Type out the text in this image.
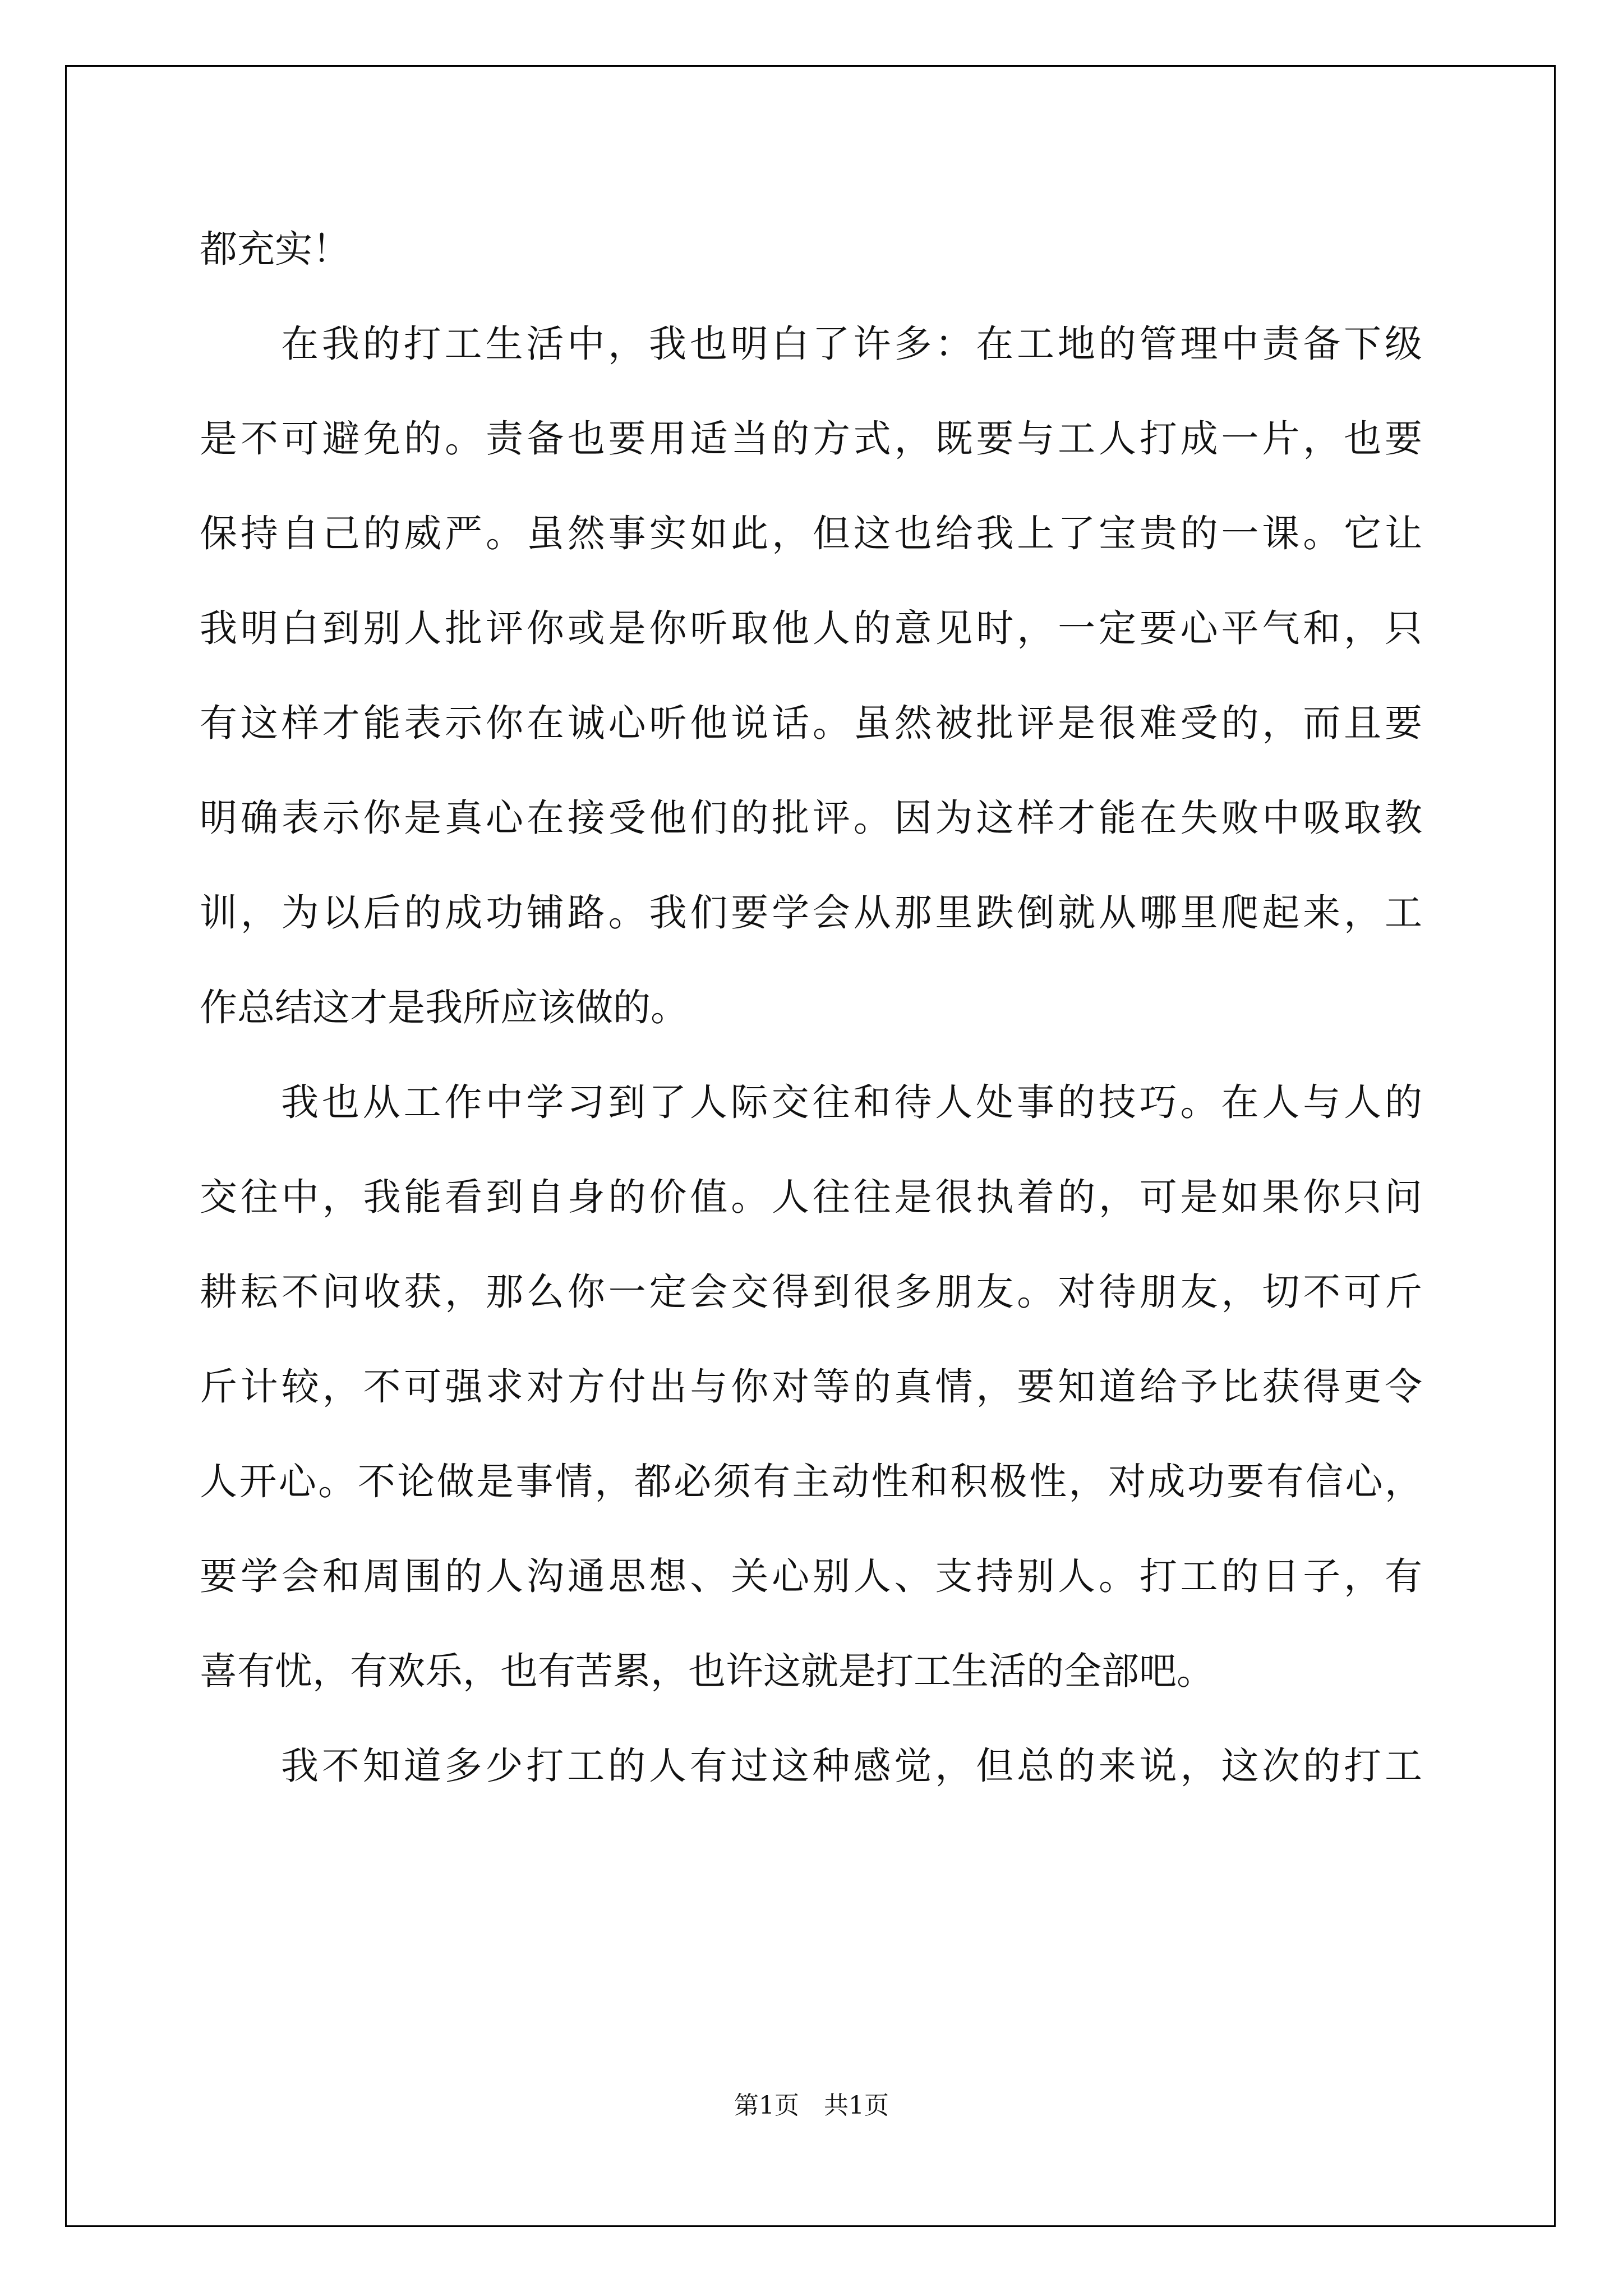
都充实！
在我的打工生活中，我也明白了许多：在工地的管理中责备下级
是不可避免的。责备也要用适当的方式，既要与工人打成一片，也要
保持自己的威严。虽然事实如此，但这也给我上了宝贵的一课。它让
我明白到别人批评你或是你听取他人的意见时，一定要心平气和，只
有这样才能表示你在诚心听他说话。虽然被批评是很难受的，而且要
明确表示你是真心在接受他们的批评。因为这样才能在失败中吸取教
训，为以后的成功铺路。我们要学会从那里跌倒就从哪里爬起来，工
作总结这才是我所应该做的。
我也从工作中学习到了人际交往和待人处事的技巧。在人与人的
交往中，我能看到自身的价值。人往往是很执着的，可是如果你只问
耕耘不问收获，那么你一定会交得到很多朋友。对待朋友，切不可斤
斤计较，不可强求对方付出与你对等的真情，要知道给予比获得更令
人开心。不论做是事情，都必须有主动性和积极性，对成功要有信心，
要学会和周围的人沟通思想、关心别人、支持别人。打工的日子，有
喜有忧，有欢乐，也有苦累，也许这就是打工生活的全部吧。
我不知道多少打工的人有过这种感觉，但总的来说，这次的打工
第1页　共1页
